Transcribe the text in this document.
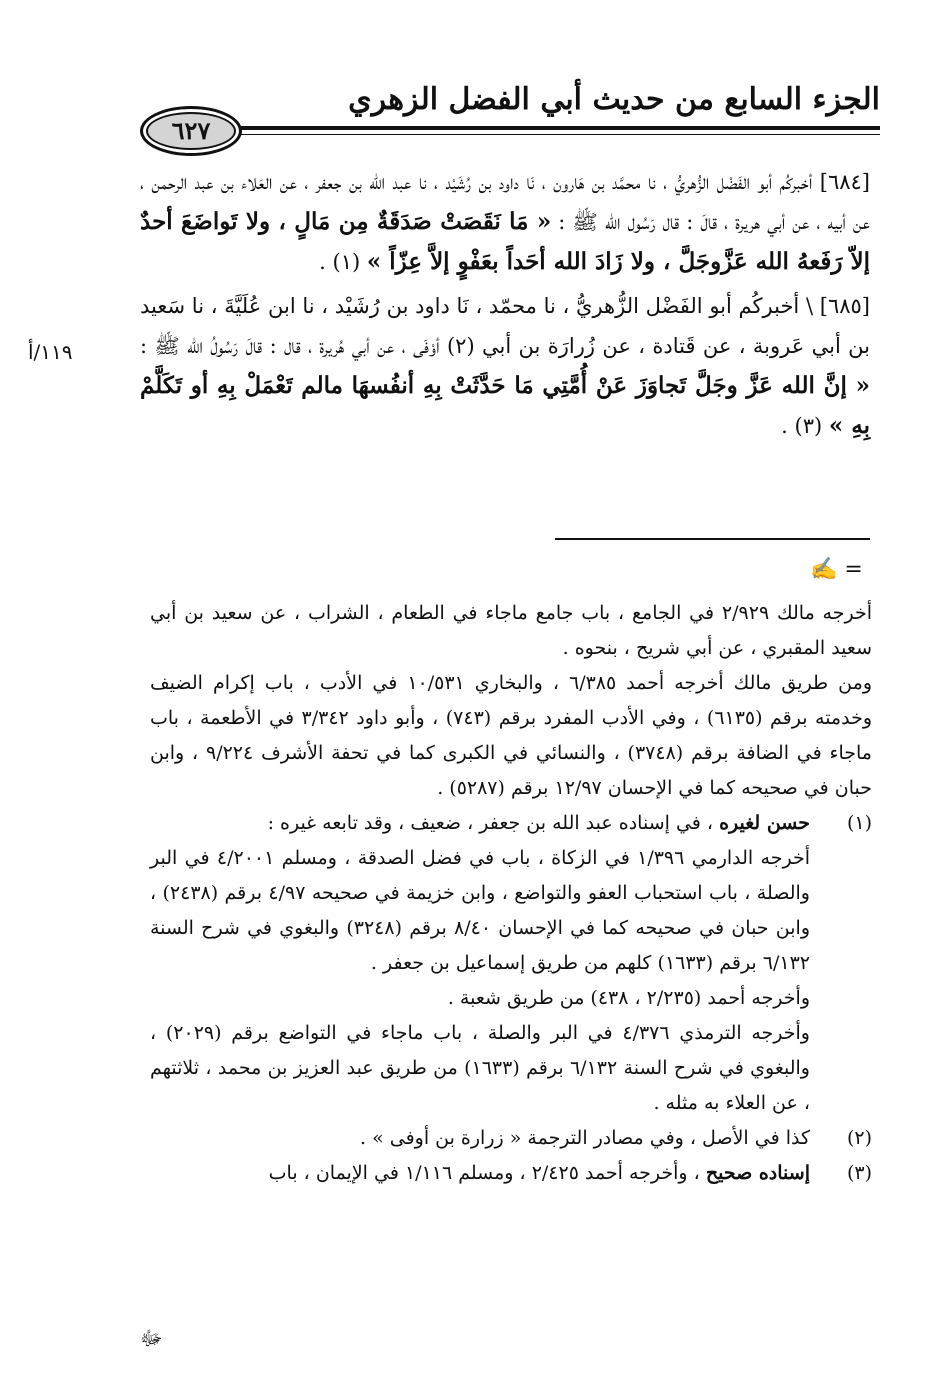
الجزء السابع من حديث أبي الفضل الزهري
٦٢٧
١١٩/أ

[٦٨٤] أخبركُم أبو الفَضْل الزُّهريُّ ، نا محمَّد بن هَارون ، نَا داود بن رُشَيْد ، نا عبد الله بن جعفر ، عن العَلاء بن عبد الرحمن ، عن أبيه ، عن أبي هريرة ، قالَ : قال رَسُول الله ﷺ : « مَا نَقَصَتْ صَدَقَةٌ مِن مَالٍ ، ولا تَواضَعَ أحدٌ إلاّ رَفَعهُ الله عَزَّوجَلَّ ، ولا زَادَ الله أحَداً بعَفْوٍ إلاَّ عِزّاً » (١) .

[٦٨٥] \ أخبركُم أبو الفَضْل الزُّهريُّ ، نا محمّد ، نَا داود بن رُشَيْد ، نا ابن عُلَيَّةَ ، نا سَعيد بن أبي عَروبة ، عن قَتادة ، عن زُرارَة بن أبي (٢) أوْفَى ، عن أبي هُريرة ، قال : قالَ رَسُولُ الله ﷺ : « إنَّ الله عَزَّ وجَلَّ تَجاوَزَ عَنْ أُمَّتِي مَا حَدَّثَتْ بِهِ أنفُسهَا مالم تَعْمَلْ بِهِ أو تَكَلَّمْ بِهِ » (٣) .

= ✍

أخرجه مالك ٢/٩٢٩ في الجامع ، باب جامع ماجاء في الطعام ، الشراب ، عن سعيد بن أبي سعيد المقبري ، عن أبي شريح ، بنحوه .

ومن طريق مالك أخرجه أحمد ٦/٣٨٥ ، والبخاري ١٠/٥٣١ في الأدب ، باب إكرام الضيف وخدمته برقم (٦١٣٥) ، وفي الأدب المفرد برقم (٧٤٣) ، وأبو داود ٣/٣٤٢ في الأطعمة ، باب ماجاء في الضافة برقم (٣٧٤٨) ، والنسائي في الكبرى كما في تحفة الأشرف ٩/٢٢٤ ، وابن حبان في صحيحه كما في الإحسان ١٢/٩٧ برقم (٥٢٨٧) .

(١)

حسن لغيره ، في إسناده عبد الله بن جعفر ، ضعيف ، وقد تابعه غيره :

أخرجه الدارمي ١/٣٩٦ في الزكاة ، باب في فضل الصدقة ، ومسلم ٤/٢٠٠١ في البر والصلة ، باب استحباب العفو والتواضع ، وابن خزيمة في صحيحه ٤/٩٧ برقم (٢٤٣٨) ، وابن حبان في صحيحه كما في الإحسان ٨/٤٠ برقم (٣٢٤٨) والبغوي في شرح السنة ٦/١٣٢ برقم (١٦٣٣) كلهم من طريق إسماعيل بن جعفر .

وأخرجه أحمد (٢/٢٣٥ ، ٤٣٨) من طريق شعبة .

وأخرجه الترمذي ٤/٣٧٦ في البر والصلة ، باب ماجاء في التواضع برقم (٢٠٢٩) ، والبغوي في شرح السنة ٦/١٣٢ برقم (١٦٣٣) من طريق عبد العزيز بن محمد ، ثلاثتهم ، عن العلاء به مثله .

(٢)

كذا في الأصل ، وفي مصادر الترجمة « زرارة بن أوفى » .

(٣)

إسناده صحيح ، وأخرجه أحمد ٢/٤٢٥ ، ومسلم ١/١١٦ في الإيمان ، باب

ﷻ
